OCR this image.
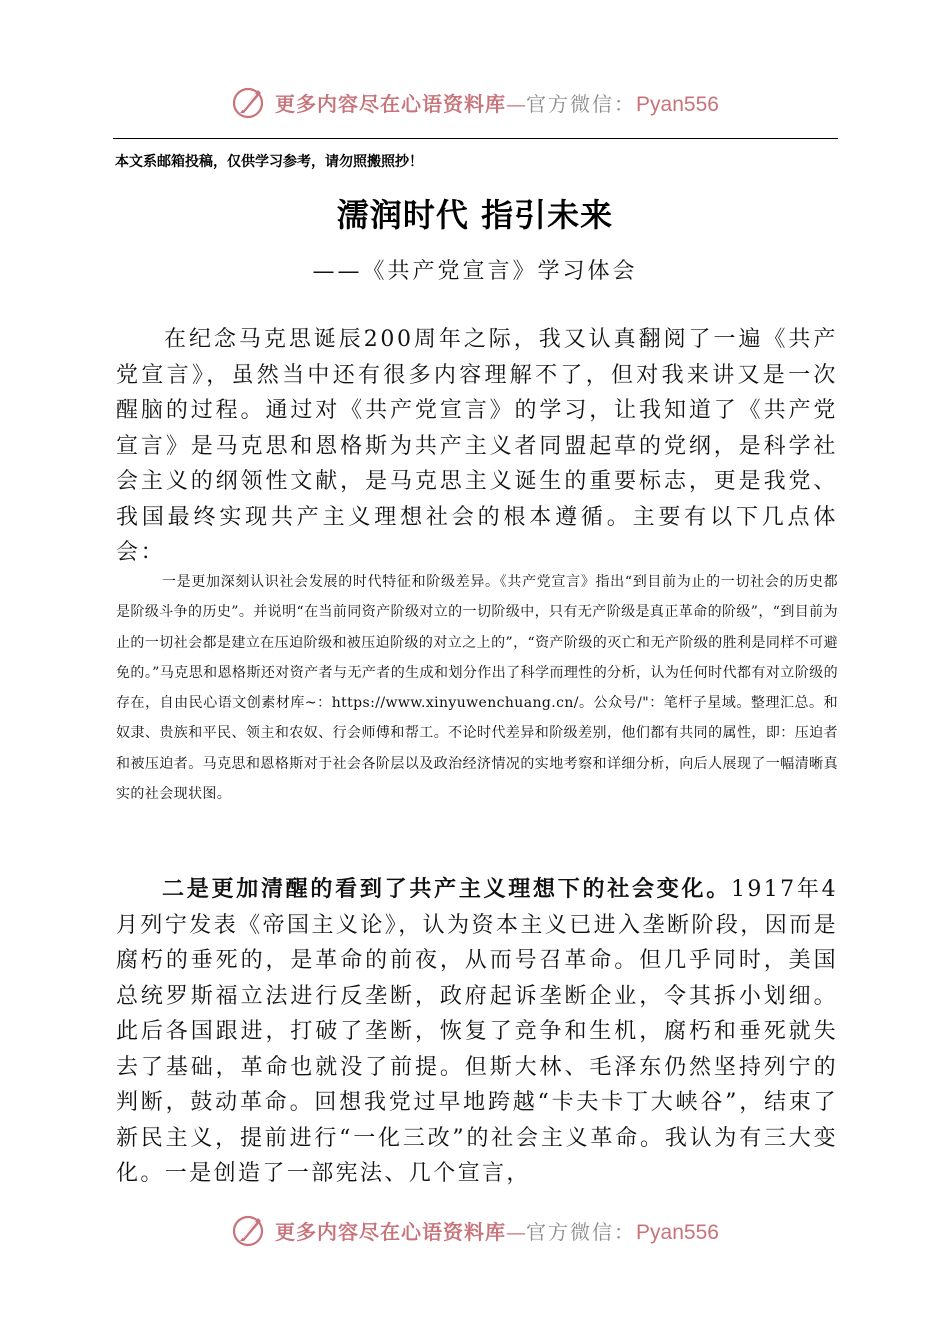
更多内容尽在心语资料库—官方微信：Pyan556
本文系邮箱投稿，仅供学习参考，请勿照搬照抄！
濡润时代 指引未来
——《共产党宣言》学习体会

在纪念马克思诞辰200周年之际，我又认真翻阅了一遍《共产党宣言》，虽然当中还有很多内容理解不了，但对我来讲又是一次醒脑的过程。通过对《共产党宣言》的学习，让我知道了《共产党宣言》是马克思和恩格斯为共产主义者同盟起草的党纲，是科学社会主义的纲领性文献，是马克思主义诞生的重要标志，更是我党、我国最终实现共产主义理想社会的根本遵循。主要有以下几点体会：

一是更加深刻认识社会发展的时代特征和阶级差异。《共产党宣言》指出“到目前为止的一切社会的历史都是阶级斗争的历史”。并说明“在当前同资产阶级对立的一切阶级中，只有无产阶级是真正革命的阶级”，“到目前为止的一切社会都是建立在压迫阶级和被压迫阶级的对立之上的”，“资产阶级的灭亡和无产阶级的胜利是同样不可避免的。”马克思和恩格斯还对资产者与无产者的生成和划分作出了科学而理性的分析，认为任何时代都有对立阶级的存在，自由民心语文创素材库~：https://www.xinyuwenchuang.cn/。公众号/"：笔杆子星域。整理汇总。和奴隶、贵族和平民、领主和农奴、行会师傅和帮工。不论时代差异和阶级差别，他们都有共同的属性，即：压迫者和被压迫者。马克思和恩格斯对于社会各阶层以及政治经济情况的实地考察和详细分析，向后人展现了一幅清晰真实的社会现状图。

二是更加清醒的看到了共产主义理想下的社会变化。1917年4月列宁发表《帝国主义论》，认为资本主义已进入垄断阶段，因而是腐朽的垂死的，是革命的前夜，从而号召革命。但几乎同时，美国总统罗斯福立法进行反垄断，政府起诉垄断企业，令其拆小划细。此后各国跟进，打破了垄断，恢复了竞争和生机，腐朽和垂死就失去了基础，革命也就没了前提。但斯大林、毛泽东仍然坚持列宁的判断，鼓动革命。回想我党过早地跨越“卡夫卡丁大峡谷”，结束了新民主义，提前进行“一化三改”的社会主义革命。我认为有三大变化。一是创造了一部宪法、几个宣言，

更多内容尽在心语资料库—官方微信：Pyan556
